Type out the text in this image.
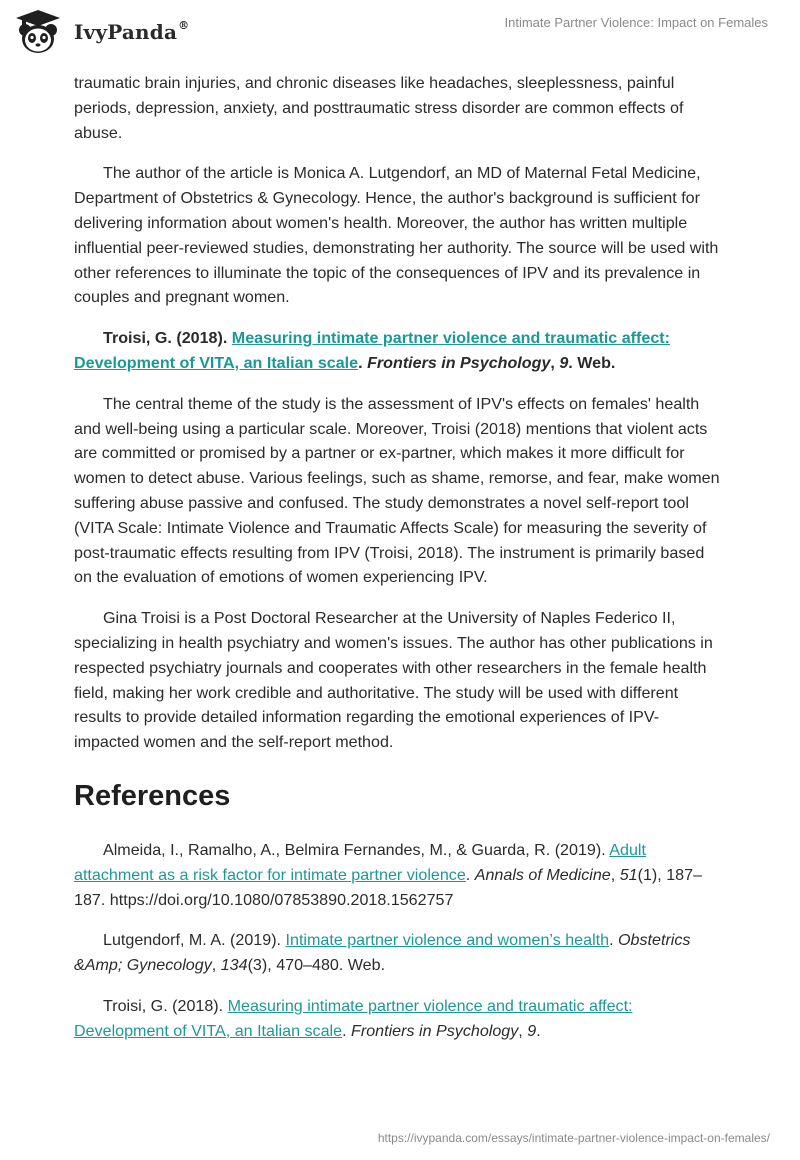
IvyPanda®	Intimate Partner Violence: Impact on Females

traumatic brain injuries, and chronic diseases like headaches, sleeplessness, painful periods, depression, anxiety, and posttraumatic stress disorder are common effects of abuse.

The author of the article is Monica A. Lutgendorf, an MD of Maternal Fetal Medicine, Department of Obstetrics & Gynecology. Hence, the author's background is sufficient for delivering information about women's health. Moreover, the author has written multiple influential peer-reviewed studies, demonstrating her authority. The source will be used with other references to illuminate the topic of the consequences of IPV and its prevalence in couples and pregnant women.

Troisi, G. (2018). Measuring intimate partner violence and traumatic affect: Development of VITA, an Italian scale. Frontiers in Psychology, 9. Web.

The central theme of the study is the assessment of IPV's effects on females' health and well-being using a particular scale. Moreover, Troisi (2018) mentions that violent acts are committed or promised by a partner or ex-partner, which makes it more difficult for women to detect abuse. Various feelings, such as shame, remorse, and fear, make women suffering abuse passive and confused. The study demonstrates a novel self-report tool (VITA Scale: Intimate Violence and Traumatic Affects Scale) for measuring the severity of post-traumatic effects resulting from IPV (Troisi, 2018). The instrument is primarily based on the evaluation of emotions of women experiencing IPV.

Gina Troisi is a Post Doctoral Researcher at the University of Naples Federico II, specializing in health psychiatry and women's issues. The author has other publications in respected psychiatry journals and cooperates with other researchers in the female health field, making her work credible and authoritative. The study will be used with different results to provide detailed information regarding the emotional experiences of IPV-impacted women and the self-report method.

References

Almeida, I., Ramalho, A., Belmira Fernandes, M., & Guarda, R. (2019). Adult attachment as a risk factor for intimate partner violence. Annals of Medicine, 51(1), 187–187. https://doi.org/10.1080/07853890.2018.1562757

Lutgendorf, M. A. (2019). Intimate partner violence and women’s health. Obstetrics &Amp; Gynecology, 134(3), 470–480. Web.

Troisi, G. (2018). Measuring intimate partner violence and traumatic affect: Development of VITA, an Italian scale. Frontiers in Psychology, 9.

https://ivypanda.com/essays/intimate-partner-violence-impact-on-females/
